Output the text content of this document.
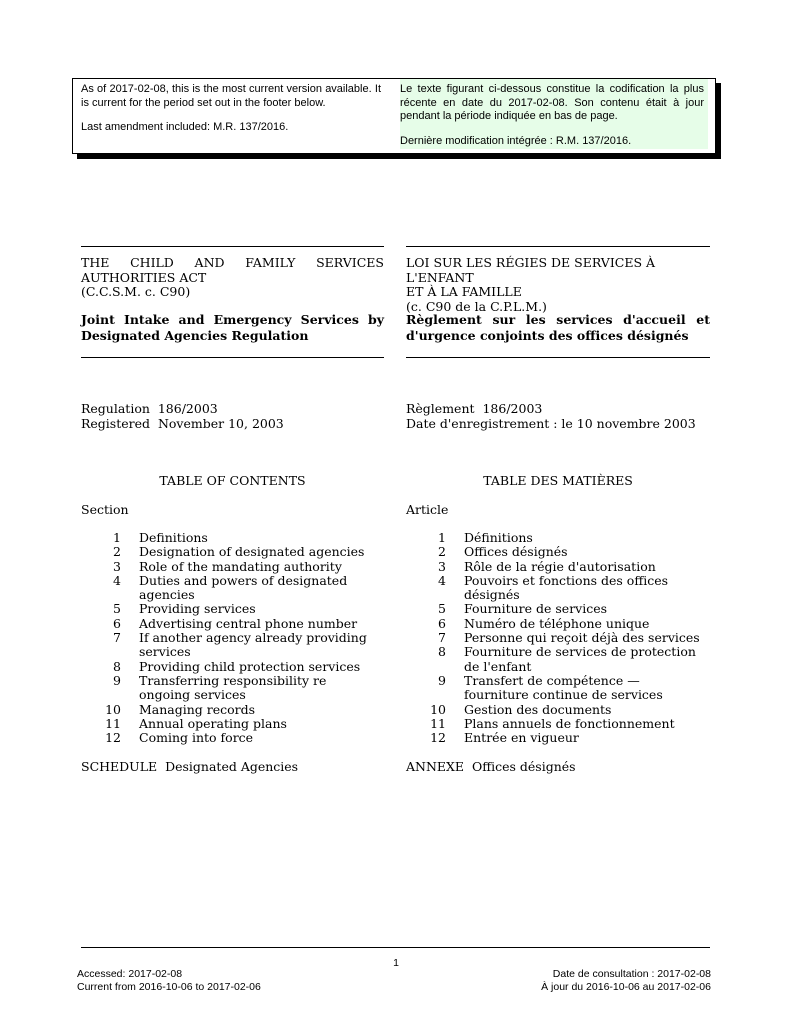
As of 2017-02-08, this is the most current version available. It is current for the period set out in the footer below.

Last amendment included: M.R. 137/2016.

Le texte figurant ci-dessous constitue la codification la plus récente en date du 2017-02-08. Son contenu était à jour pendant la période indiquée en bas de page.

Dernière modification intégrée : R.M. 137/2016.

THE CHILD AND FAMILY SERVICES
AUTHORITIES ACT
(C.C.S.M. c. C90)
LOI SUR LES RÉGIES DE SERVICES À L'ENFANT
ET À LA FAMILLE
(c. C90 de la C.P.L.M.)
Joint Intake and Emergency Services by Designated Agencies Regulation
Règlement sur les services d'accueil et d'urgence conjoints des offices désignés
Regulation  186/2003
Registered  November 10, 2003
Règlement  186/2003
Date d'enregistrement : le 10 novembre 2003
TABLE OF CONTENTS	TABLE DES MATIÈRES
Section	Article
1 Definitions
2 Designation of designated agencies
3 Role of the mandating authority
4 Duties and powers of designated agencies
5 Providing services
6 Advertising central phone number
7 If another agency already providing services
8 Providing child protection services
9 Transferring responsibility re ongoing services
10 Managing records
11 Annual operating plans
12 Coming into force
1 Définitions
2 Offices désignés
3 Rôle de la régie d'autorisation
4 Pouvoirs et fonctions des offices désignés
5 Fourniture de services
6 Numéro de téléphone unique
7 Personne qui reçoit déjà des services
8 Fourniture de services de protection de l'enfant
9 Transfert de compétence — fourniture continue de services
10 Gestion des documents
11 Plans annuels de fonctionnement
12 Entrée en vigueur
SCHEDULE  Designated Agencies	ANNEXE  Offices désignés
1
Accessed: 2017-02-08
Current from 2016-10-06 to 2017-02-06
Date de consultation : 2017-02-08
À jour du 2016-10-06 au 2017-02-06
